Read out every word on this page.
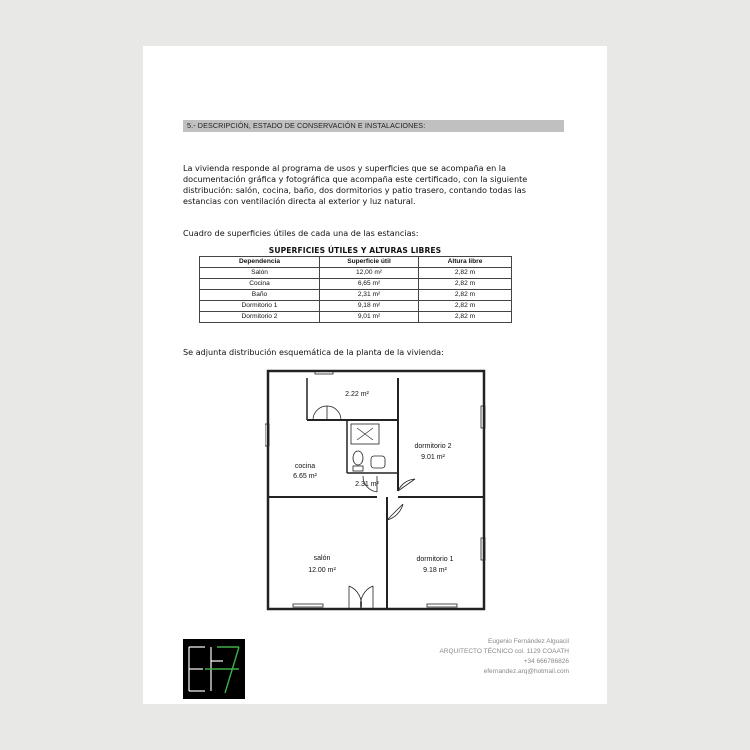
5.- DESCRIPCIÓN, ESTADO DE CONSERVACIÓN E INSTALACIONES:
La vivienda responde al programa de usos y superficies que se acompaña en la
documentación gráfica y fotográfica que acompaña este certificado, con la siguiente
distribución: salón, cocina, baño, dos dormitorios y patio trasero, contando todas las
estancias con ventilación directa al exterior y luz natural.
Cuadro de superficies útiles de cada una de las estancias:
SUPERFICIES ÚTILES Y ALTURAS LIBRES
Dependencia	Superficie útil	Altura libre
Salón	12,00 m²	2,82 m
Cocina	6,65 m²	2,82 m
Baño	2,31 m²	2,82 m
Dormitorio 1	9,18 m²	2,82 m
Dormitorio 2	9,01 m²	2,82 m
Se adjunta distribución esquemática de la planta de la vivienda:
2.22 m²
2.31 m²
cocina
6.65 m²
dormitorio 2
9.01 m²
salón
12.00 m²
dormitorio 1
9.18 m²
Eugenio Fernández Alguacil
ARQUITECTO TÉCNICO col. 1129 COAATH
+34 666786826
efernandez.arq@hotmail.com
